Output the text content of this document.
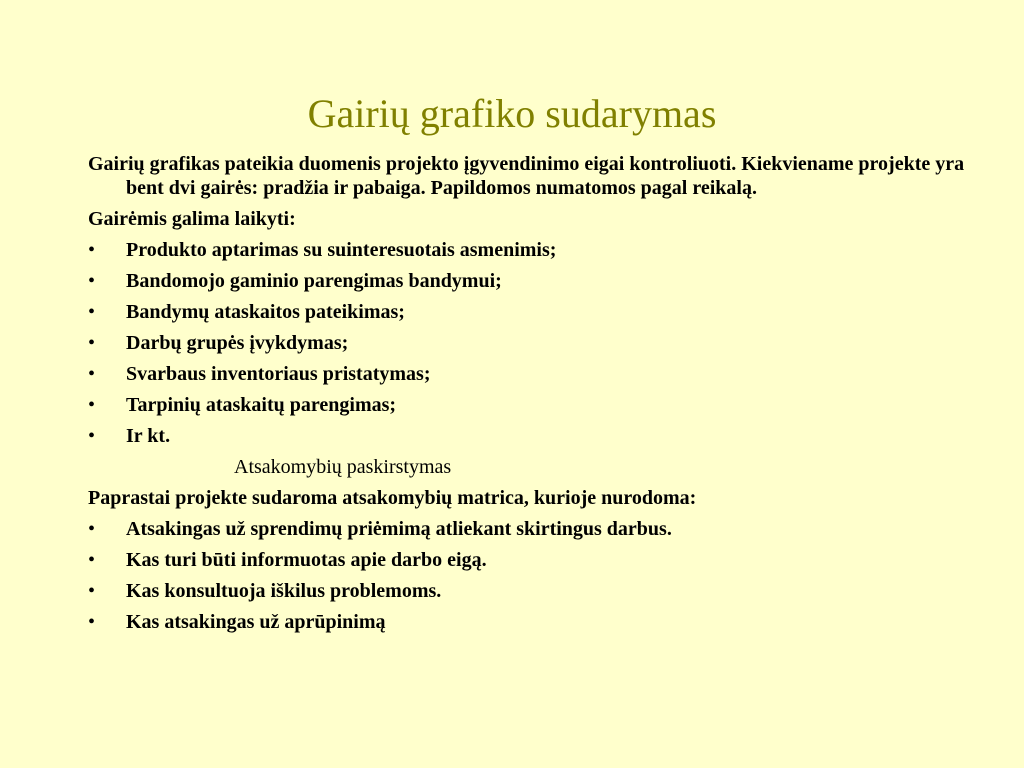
Gairių grafiko sudarymas

Gairių grafikas pateikia duomenis projekto įgyvendinimo eigai kontroliuoti. Kiekviename projekte yra bent dvi gairės: pradžia ir pabaiga. Papildomos numatomos pagal reikalą.

Gairėmis galima laikyti:

•	Produkto aptarimas su suinteresuotais asmenimis;
•	Bandomojo gaminio parengimas bandymui;
•	Bandymų ataskaitos pateikimas;
•	Darbų grupės įvykdymas;
•	Svarbaus inventoriaus pristatymas;
•	Tarpinių ataskaitų parengimas;
•	Ir kt.

Atsakomybių paskirstymas

Paprastai projekte sudaroma atsakomybių matrica, kurioje nurodoma:

•	Atsakingas už sprendimų priėmimą atliekant skirtingus darbus.
•	Kas turi būti informuotas apie darbo eigą.
•	Kas konsultuoja iškilus problemoms.
•	Kas atsakingas už aprūpinimą
